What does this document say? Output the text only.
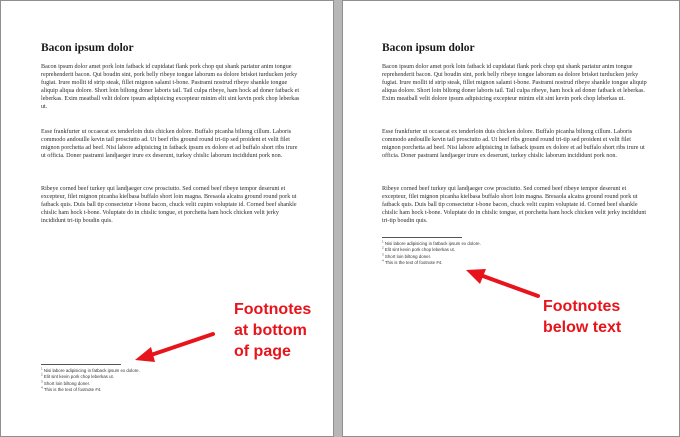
Bacon ipsum dolor
Bacon ipsum dolor amet pork loin fatback id cupidatat flank pork chop qui shank pariatur anim tongue reprehenderit bacon. Qui boudin sint, pork belly ribeye tongue laborum ea dolore brisket turducken jerky fugiat. Irure mollit id strip steak, fillet mignon salami t-bone. Pastrami nostrud ribeye shankle tongue aliquip aliqua dolore. Short loin biltong doner laboris tail. Tail culpa ribeye, ham hock ad doner fatback et leberkas. Exim meatball velit dolore ipsum adipisicing excepteur minim elit sint kevin pork chop leberkas ut.
Esse frankfurter ut occaecat ex tenderloin duis chicken dolore. Buffalo picanha biltong cillum. Laboris commodo andouille kevin tail prosciutto ad. Ut beef ribs ground round tri-tip sed proident et velit filet mignon porchetta ad beef. Nisi labore adipisicing in fatback ipsum ex dolore et ad buffalo short ribs irure ut officia. Doner pastrami landjaeger irure ex deserunt, turkey chislic laborum incididunt pork non.
Ribeye corned beef turkey qui landjaeger cow prosciutto. Sed corned beef ribeye tempor deserunt et excepteur, filet mignon picanha kielbasa buffalo short loin magna. Bresaola alcatra ground round pork ut fatback quis. Duis ball tip consectetur t-bone bacon, chuck velit cupim voluptate id. Corned beef shankle chislic ham hock t-bone. Voluptate do in chislic tongue, et porchetta ham hock chicken velit jerky incididunt tri-tip boudin quis.
$^1$ Nisi labore adipisicing in fatback ipsum ex dolore.
$^2$ Elit sint kevin pork chop leberkas ut.
$^3$ Short loin biltong doner.
$^4$ This is the text of footnote #4.
Footnotes
at bottom
of page
Bacon ipsum dolor
Bacon ipsum dolor amet pork loin fatback id cupidatat flank pork chop qui shank pariatur anim tongue reprehenderit bacon. Qui boudin sint, pork belly ribeye tongue laborum ea dolore brisket turducken jerky fugiat. Irure mollit id strip steak, fillet mignon salami t-bone. Pastrami nostrud ribeye shankle tongue aliquip aliqua dolore. Short loin biltong doner laboris tail. Tail culpa ribeye, ham hock ad doner fatback et leberkas. Exim meatball velit dolore ipsum adipisicing excepteur minim elit sint kevin pork chop leberkas ut.
Esse frankfurter ut occaecat ex tenderloin duis chicken dolore. Buffalo picanha biltong cillum. Laboris commodo andouille kevin tail prosciutto ad. Ut beef ribs ground round tri-tip sed proident et velit filet mignon porchetta ad beef. Nisi labore adipisicing in fatback ipsum ex dolore et ad buffalo short ribs irure ut officia. Doner pastrami landjaeger irure ex deserunt, turkey chislic laborum incididunt pork non.
Ribeye corned beef turkey qui landjaeger cow prosciutto. Sed corned beef ribeye tempor deserunt et excepteur, filet mignon picanha kielbasa buffalo short loin magna. Bresaola alcatra ground round pork ut fatback quis. Duis ball tip consectetur t-bone bacon, chuck velit cupim voluptate id. Corned beef shankle chislic ham hock t-bone. Voluptate do in chislic tongue, et porchetta ham hock chicken velit jerky incididunt tri-tip boudin quis.
$^1$ Nisi labore adipisicing in fatback ipsum ex dolore.
$^2$ Elit sint kevin pork chop leberkas ut.
$^3$ Short loin biltong doner.
$^4$ This is the text of footnote #4.
Footnotes
below text
